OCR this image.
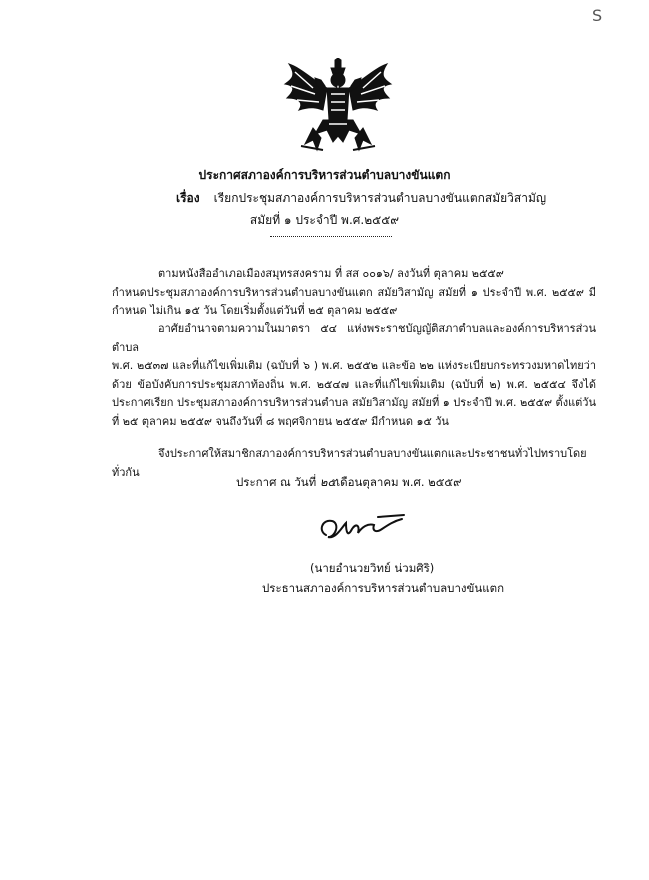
S
ประกาศสภาองค์การบริหารส่วนตำบลบางขันแตก
เรื่อง เรียกประชุมสภาองค์การบริหารส่วนตำบลบางขันแตกสมัยวิสามัญ
สมัยที่ ๑ ประจำปี พ.ศ.๒๕๕๙
ตามหนังสืออำเภอเมืองสมุทรสงคราม ที่ สส ๐๐๑๖/ ลงวันที่ ตุลาคม ๒๕๕๙
กำหนดประชุมสภาองค์การบริหารส่วนตำบลบางขันแตก สมัยวิสามัญ สมัยที่ ๑ ประจำปี พ.ศ. ๒๕๕๙ มีกำหนด ไม่เกิน ๑๕ วัน โดยเริ่มตั้งแต่วันที่ ๒๕ ตุลาคม ๒๕๕๙
อาศัยอำนาจตามความในมาตรา ๕๔ แห่งพระราชบัญญัติสภาตำบลและองค์การบริหารส่วนตำบล
พ.ศ. ๒๕๓๗ และที่แก้ไขเพิ่มเติม (ฉบับที่ ๖ ) พ.ศ. ๒๕๕๒ และข้อ ๒๒ แห่งระเบียบกระทรวงมหาดไทยว่าด้วย ข้อบังคับการประชุมสภาท้องถิ่น พ.ศ. ๒๕๔๗ และที่แก้ไขเพิ่มเติม (ฉบับที่ ๒) พ.ศ. ๒๕๕๔ จึงได้ประกาศเรียก ประชุมสภาองค์การบริหารส่วนตำบล สมัยวิสามัญ สมัยที่ ๑ ประจำปี พ.ศ. ๒๕๕๙ ตั้งแต่วันที่ ๒๕ ตุลาคม ๒๕๕๙ จนถึงวันที่ ๘ พฤศจิกายน ๒๕๕๙ มีกำหนด ๑๕ วัน
จึงประกาศให้สมาชิกสภาองค์การบริหารส่วนตำบลบางขันแตกและประชาชนทั่วไปทราบโดยทั่วกัน
ประกาศ ณ วันที่ ๒๕เดือนตุลาคม พ.ศ. ๒๕๕๙
(นายอำนวยวิทย์ น่วมศิริ)
ประธานสภาองค์การบริหารส่วนตำบลบางขันแตก
